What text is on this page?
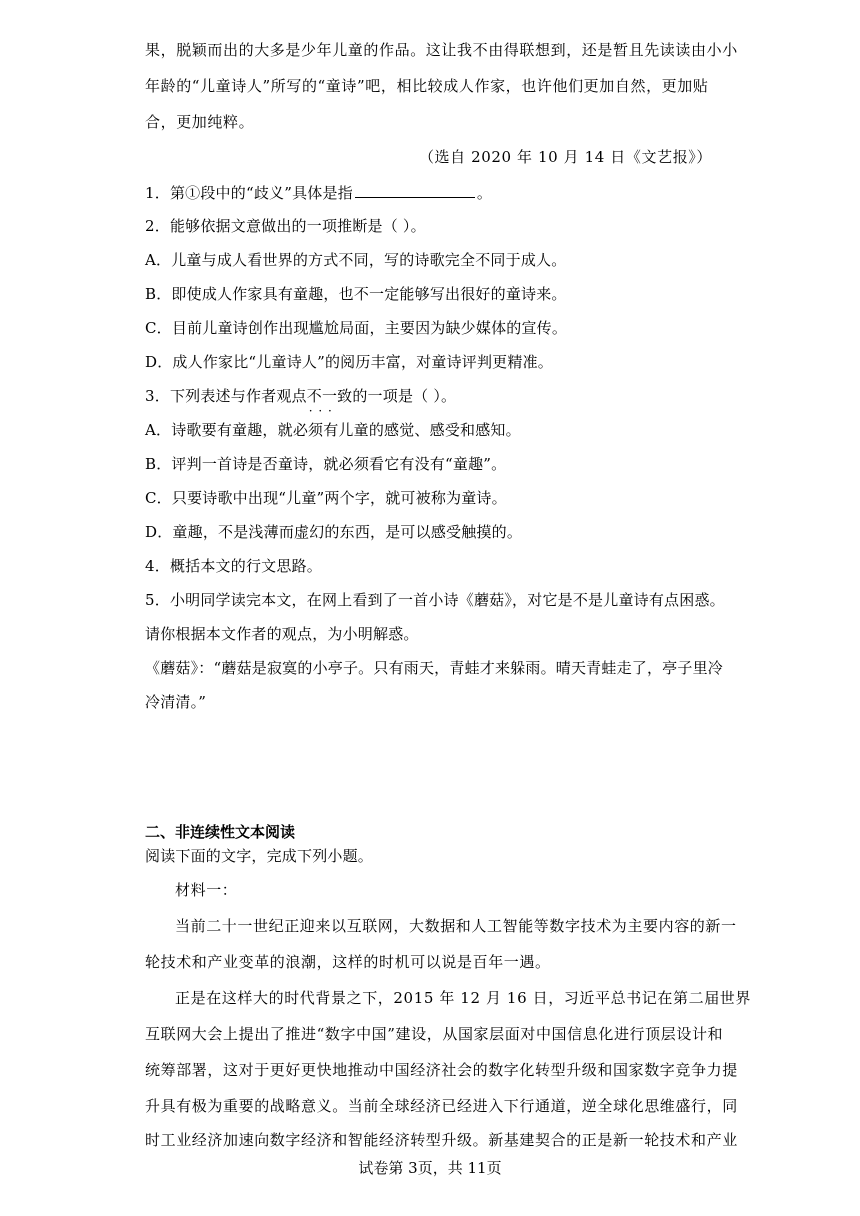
果，脱颖而出的大多是少年儿童的作品。这让我不由得联想到，还是暂且先读读由小小
年龄的“儿童诗人”所写的“童诗”吧，相比较成人作家，也许他们更加自然，更加贴
合，更加纯粹。
（选自 2020 年 10 月 14 日《文艺报》）
1．第①段中的“歧义”具体是指	。
2．能够依据文意做出的一项推断是（ ）。
A．儿童与成人看世界的方式不同，写的诗歌完全不同于成人。
B．即使成人作家具有童趣，也不一定能够写出很好的童诗来。
C．目前儿童诗创作出现尴尬局面，主要因为缺少媒体的宣传。
D．成人作家比“儿童诗人”的阅历丰富，对童诗评判更精准。
3．下列表述与作者观点不一致 · · ·的一项是（ ）。
A．诗歌要有童趣，就必须有儿童的感觉、感受和感知。
B．评判一首诗是否童诗，就必须看它有没有“童趣”。
C．只要诗歌中出现“儿童”两个字，就可被称为童诗。
D．童趣，不是浅薄而虚幻的东西，是可以感受触摸的。
4．概括本文的行文思路。
5．小明同学读完本文，在网上看到了一首小诗《蘑菇》，对它是不是儿童诗有点困惑。
请你根据本文作者的观点，为小明解惑。
《蘑菇》：“蘑菇是寂寞的小亭子。只有雨天，青蛙才来躲雨。晴天青蛙走了，亭子里冷
冷清清。”
二、非连续性文本阅读
阅读下面的文字，完成下列小题。
材料一：
当前二十一世纪正迎来以互联网，大数据和人工智能等数字技术为主要内容的新一
轮技术和产业变革的浪潮，这样的时机可以说是百年一遇。
正是在这样大的时代背景之下，2015 年 12 月 16 日，习近平总书记在第二届世界
互联网大会上提出了推进“数字中国”建设，从国家层面对中国信息化进行顶层设计和
统筹部署，这对于更好更快地推动中国经济社会的数字化转型升级和国家数字竞争力提
升具有极为重要的战略意义。当前全球经济已经进入下行通道，逆全球化思维盛行，同
时工业经济加速向数字经济和智能经济转型升级。新基建契合的正是新一轮技术和产业
试卷第 3页，共 11页
